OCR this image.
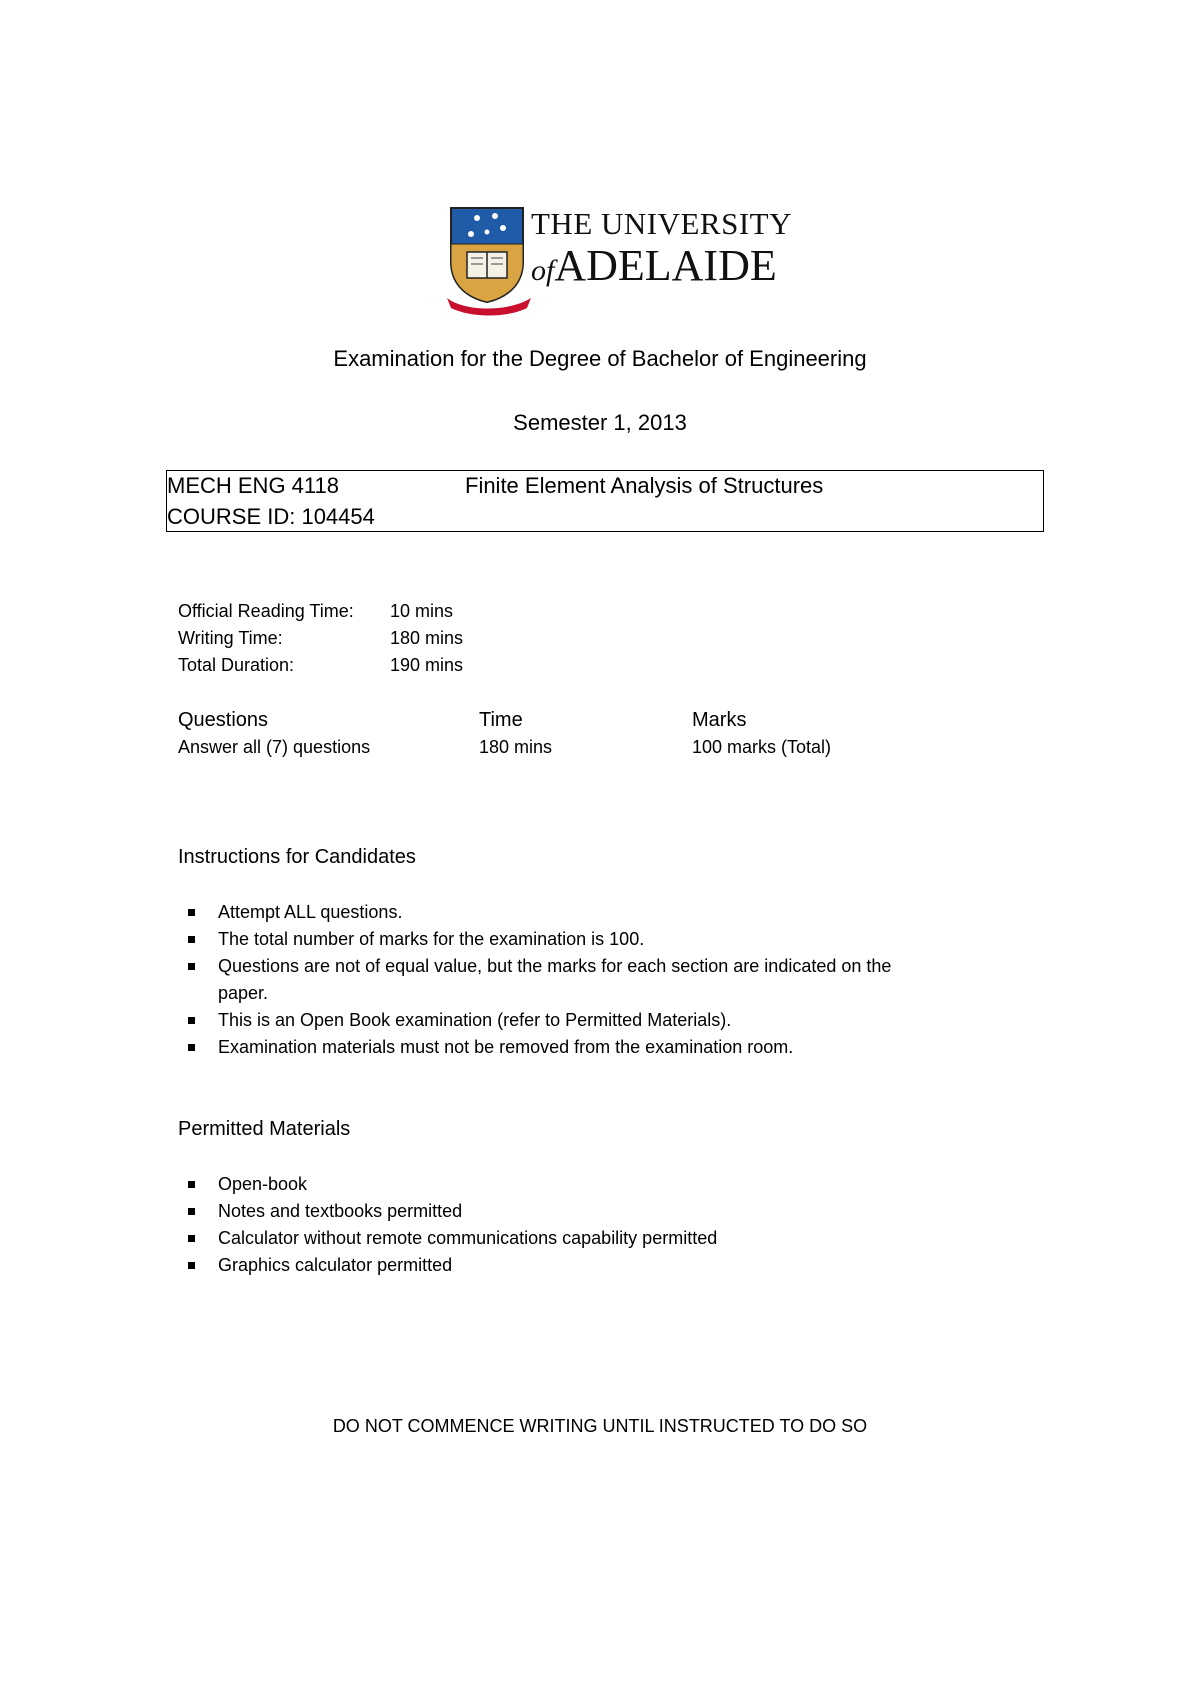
THE UNIVERSITY
ofADELAIDE
Examination for the Degree of Bachelor of Engineering
Semester 1, 2013
MECH ENG 4118	Finite Element Analysis of Structures
COURSE ID: 104454
Official Reading Time: 10 mins
Writing Time:	180 mins
Total Duration:	190 mins
Questions	Time	Marks
Answer all (7) questions	180 mins	100 marks (Total)
Instructions for Candidates
Attempt ALL questions.
The total number of marks for the examination is 100.
Questions are not of equal value, but the marks for each section are indicated on the
paper.
This is an Open Book examination (refer to Permitted Materials).
Examination materials must not be removed from the examination room.
Permitted Materials
Open-book
Notes and textbooks permitted
Calculator without remote communications capability permitted
Graphics calculator permitted
DO NOT COMMENCE WRITING UNTIL INSTRUCTED TO DO SO
